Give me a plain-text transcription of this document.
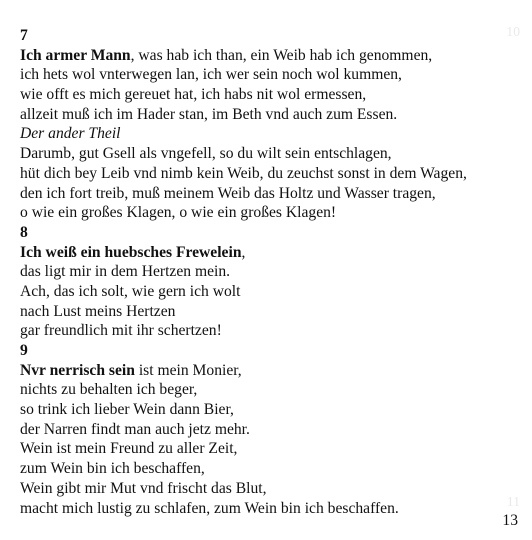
10

11

7
Ich armer Mann, was hab ich than, ein Weib hab ich genommen,
ich hets wol vnterwegen lan, ich wer sein noch wol kummen,
wie offt es mich gereuet hat, ich habs nit wol ermessen,
allzeit muß ich im Hader stan, im Beth vnd auch zum Essen.
Der ander Theil
Darumb, gut Gsell als vngefell, so du wilt sein entschlagen,
hüt dich bey Leib vnd nimb kein Weib, du zeuchst sonst in dem Wagen,
den ich fort treib, muß meinem Weib das Holtz und Wasser tragen,
o wie ein großes Klagen, o wie ein großes Klagen!
8
Ich weiß ein huebsches Frewelein,
das ligt mir in dem Hertzen mein.
Ach, das ich solt, wie gern ich wolt
nach Lust meins Hertzen
gar freundlich mit ihr schertzen!
9
Nvr nerrisch sein ist mein Monier,
nichts zu behalten ich beger,
so trink ich lieber Wein dann Bier,
der Narren findt man auch jetz mehr.
Wein ist mein Freund zu aller Zeit,
zum Wein bin ich beschaffen,
Wein gibt mir Mut vnd frischt das Blut,
macht mich lustig zu schlafen, zum Wein bin ich beschaffen.
13
